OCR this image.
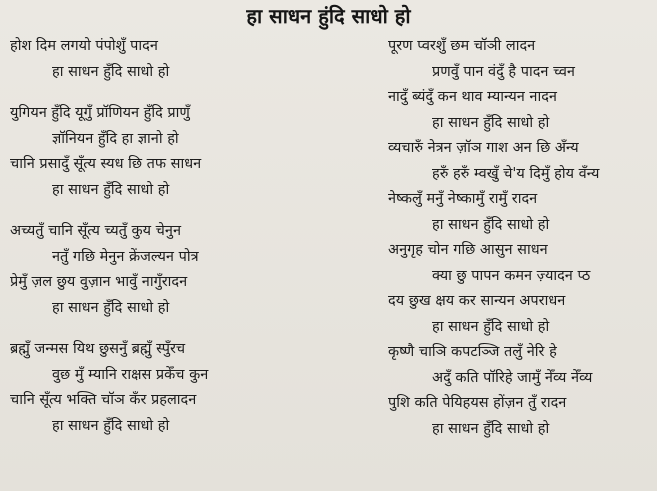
हा साधन हुंदि साधो हो
होश दिम लगयो पंपोशुँ पादन
हा साधन हुँदि साधो हो
युगियन हुँदि यूगुँ प्रॉणियन हुँदि प्राणुँ
ज्ञॉनियन हुँदि हा ज्ञानो हो
चानि प्रसादुँ सूँत्य स्यध छि तफ साधन
हा साधन हुँदि साधो हो
अच्यतुँ चानि सूँत्य च्यतुँ कुय चेनुन
नतुँ गछि मेनुन क्रेंजल्यन पोत्र
प्रेमुँ ज़ल छुय वुज़ान भावुँ नागुँरादन
हा साधन हुँदि साधो हो
ब्रह्मुँ जन्मस यिथ छुसनुँ ब्रह्मुँ स्पुँरच
वुछ मुँ म्यानि राक्षस प्रकेँच कुन
चानि सूँत्य भक्ति चॉञ कँर प्रहलादन
हा साधन हुँदि साधो हो
पूरण प्वरशुँ छम चॉञी लादन
प्रणवुँ पान वंदुँ है पादन च्वन
नादुँ ब्यंदुँ कन थाव म्यान्यन नादन
हा साधन हुँदि साधो हो
व्यचारुँ नेत्रन ज़ॉञ गाश अन छि अँन्य
हरुँ हरुँ म्वखुँ चे'य दिमुँ होय वँन्य
नेष्कलुँ मनुँ नेष्कामुँ रामुँ रादन
हा साधन हुँदि साधो हो
अनुगृह चोन गछि आसुन साधन
क्या छु पापन कमन ज़्यादन प्ठ
दय छुख क्षय कर सान्यन अपराधन
हा साधन हुँदि साधो हो
कृष्णै चाञि कपटञ्जि तलुँ नेरि हे
अदुँ कति पॉरिहे जामुँ नेँव्य नेँव्य
पुशि कति पेयिहयस होंज़न तुँ रादन
हा साधन हुँदि साधो हो
